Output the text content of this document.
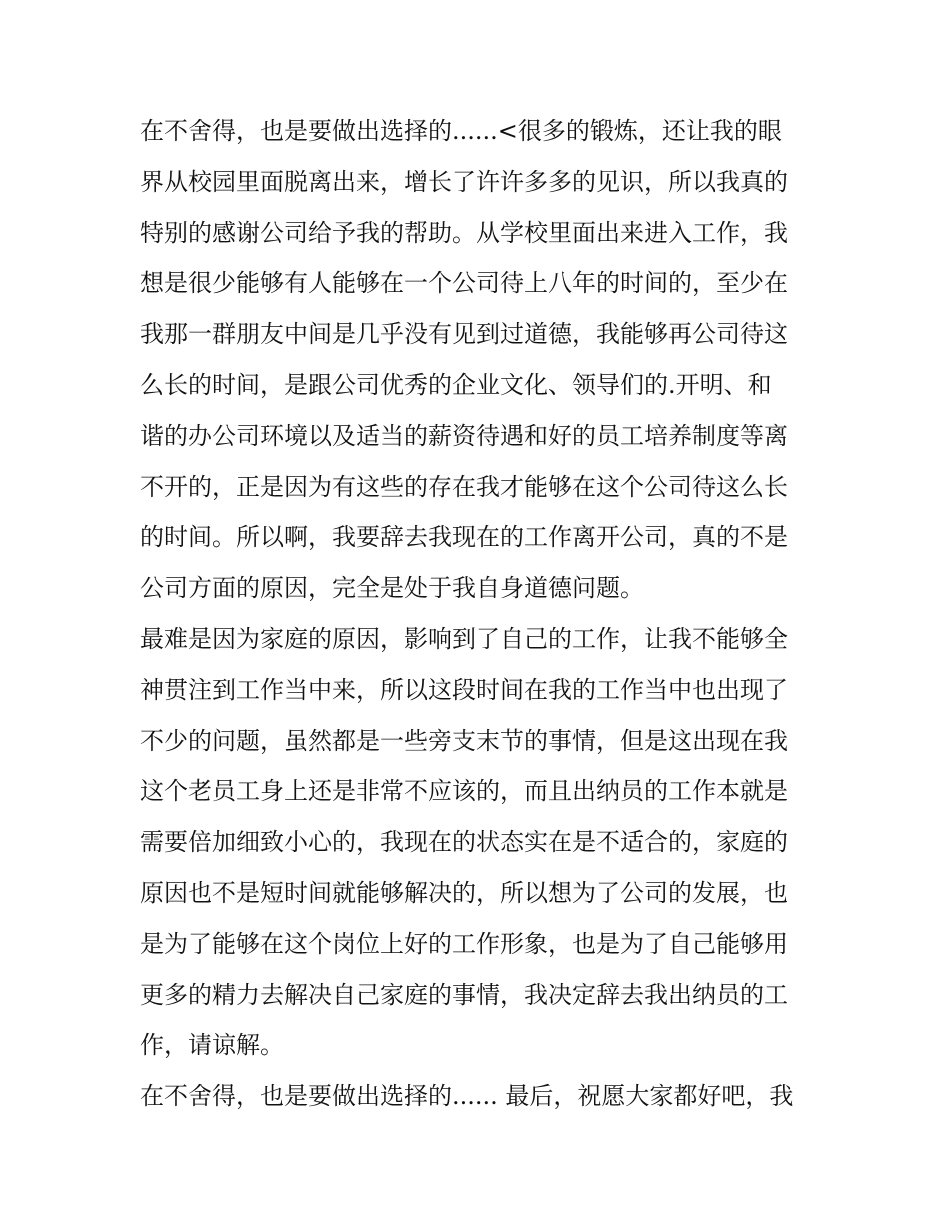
在不舍得，也是要做出选择的......<很多的锻炼，还让我的眼
界从校园里面脱离出来，增长了许许多多的见识，所以我真的
特别的感谢公司给予我的帮助。从学校里面出来进入工作，我
想是很少能够有人能够在一个公司待上八年的时间的，至少在
我那一群朋友中间是几乎没有见到过道德，我能够再公司待这
么长的时间，是跟公司优秀的企业文化、领导们的.开明、和
谐的办公司环境以及适当的薪资待遇和好的员工培养制度等离
不开的，正是因为有这些的存在我才能够在这个公司待这么长
的时间。所以啊，我要辞去我现在的工作离开公司，真的不是
公司方面的原因，完全是处于我自身道德问题。
最难是因为家庭的原因，影响到了自己的工作，让我不能够全
神贯注到工作当中来，所以这段时间在我的工作当中也出现了
不少的问题，虽然都是一些旁支末节的事情，但是这出现在我
这个老员工身上还是非常不应该的，而且出纳员的工作本就是
需要倍加细致小心的，我现在的状态实在是不适合的，家庭的
原因也不是短时间就能够解决的，所以想为了公司的发展，也
是为了能够在这个岗位上好的工作形象，也是为了自己能够用
更多的精力去解决自己家庭的事情，我决定辞去我出纳员的工
作，请谅解。
在不舍得，也是要做出选择的...... 最后，祝愿大家都好吧，我
